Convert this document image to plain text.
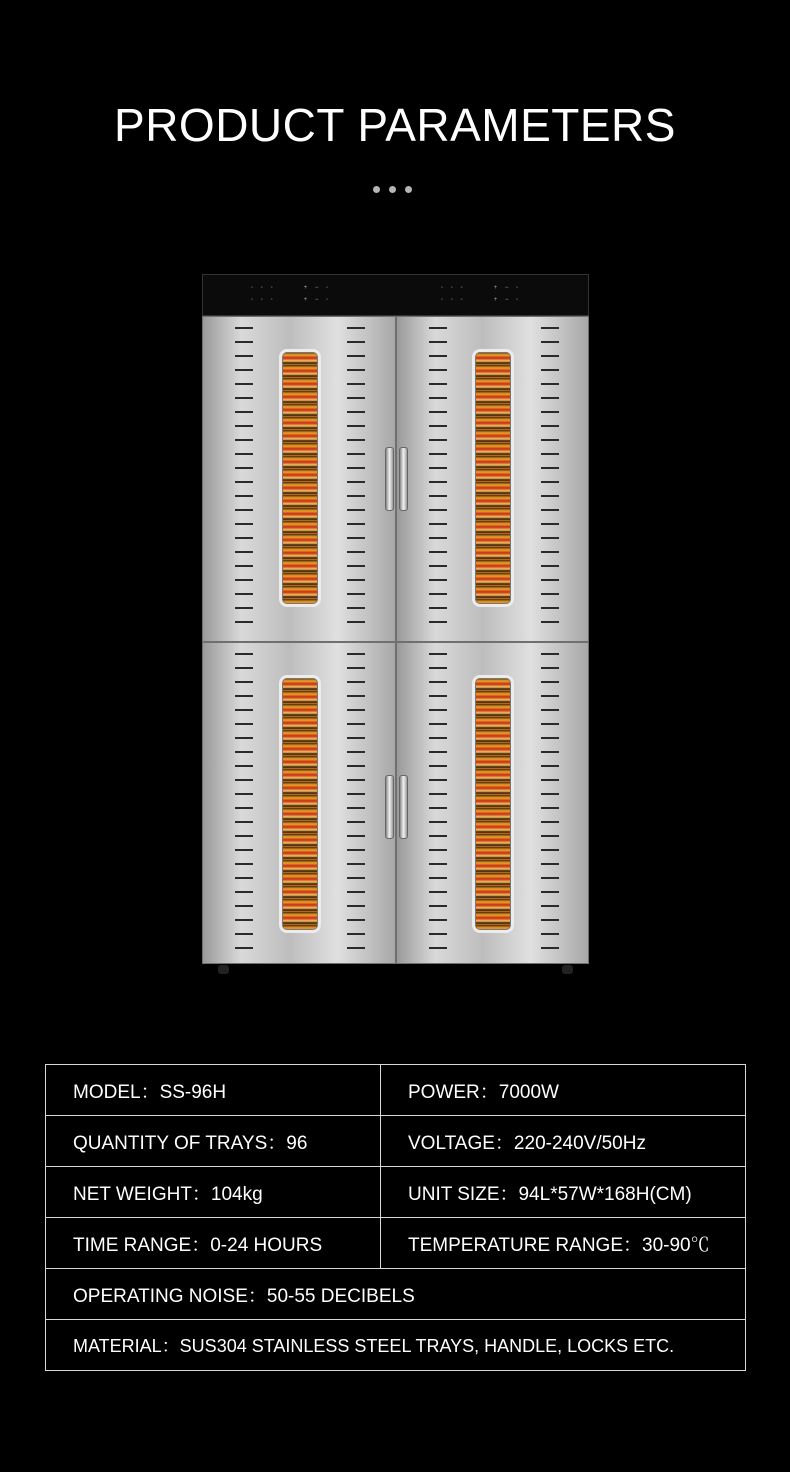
PRODUCT PARAMETERS
◦ ◦ ◦      + − ◦
◦ ◦ ◦      + − ◦
◦ ◦ ◦      + − ◦
◦ ◦ ◦      + − ◦
MODEL：SS-96H	POWER：7000W
QUANTITY OF TRAYS：96	VOLTAGE：220-240V/50Hz
NET WEIGHT：104kg	UNIT SIZE：94L*57W*168H(CM)
TIME RANGE：0-24 HOURS	TEMPERATURE RANGE：30-90℃
OPERATING NOISE：50-55 DECIBELS	
MATERIAL：SUS304 STAINLESS STEEL TRAYS, HANDLE, LOCKS ETC.	
